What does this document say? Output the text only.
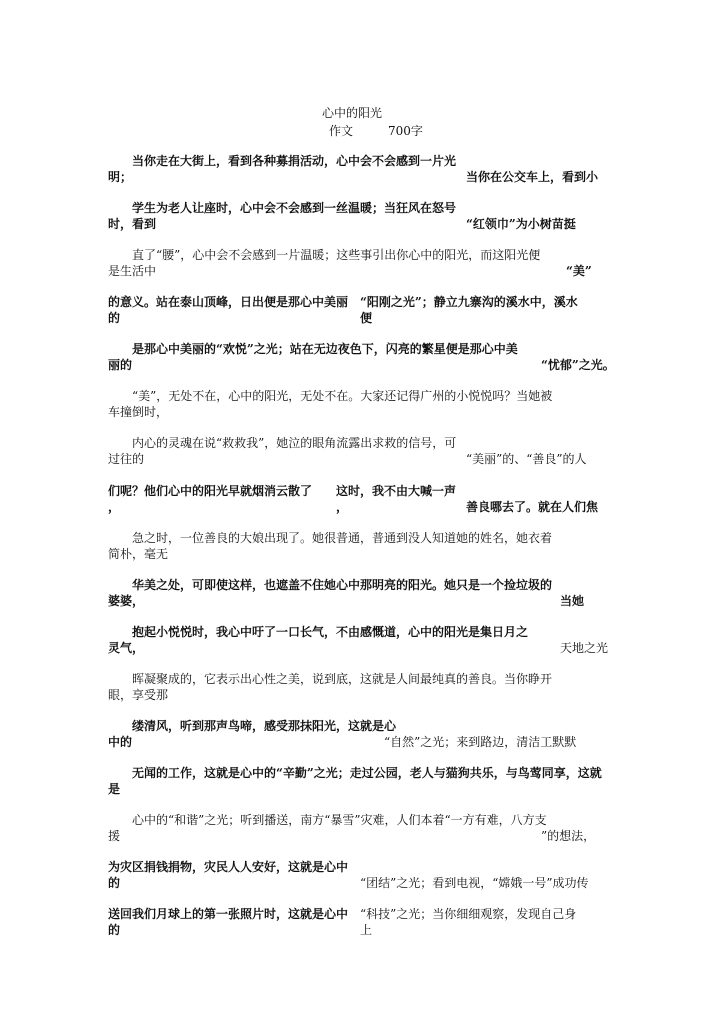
心中的阳光
作文	700字
当你走在大街上，看到各种募捐活动，心中会不会感到一片光
明；	当你在公交车上，看到小
学生为老人让座时，心中会不会感到一丝温暖；当狂风在怒号
时，看到	“红领巾”为小树苗挺
直了“腰”，心中会不会感到一片温暖；这些事引出你心中的阳光，而这阳光便
是生活中	“美”
的意义。站在泰山顶峰，日出便是那心中美丽 “阳刚之光”；静立九寨沟的溪水中，溪水
的	便
是那心中美丽的“欢悦”之光；站在无边夜色下，闪亮的繁星便是那心中美
丽的	“忧郁”之光。
“美”，无处不在，心中的阳光，无处不在。大家还记得广州的小悦悦吗？当她被
车撞倒时，
内心的灵魂在说“救救我”，她泣的眼角流露出求救的信号，可
过往的	“美丽”的、“善良”的人
们呢？他们心中的阳光早就烟消云散了 这时，我不由大喊一声
，	，	善良哪去了。就在人们焦
急之时，一位善良的大娘出现了。她很普通，普通到没人知道她的姓名，她衣着
简朴，毫无
华美之处，可即使这样，也遮盖不住她心中那明亮的阳光。她只是一个捡垃圾的
婆婆，	当她
抱起小悦悦时，我心中吁了一口长气，不由感慨道，心中的阳光是集日月之
灵气，	天地之光
晖凝聚成的，它表示出心性之美，说到底，这就是人间最纯真的善良。当你睁开
眼，享受那
缕清风，听到那声鸟啼，感受那抹阳光，这就是心
中的	“自然”之光；来到路边，清洁工默默
无闻的工作，这就是心中的“辛勤”之光；走过公园，老人与猫狗共乐，与鸟莺同享，这就
是
心中的“和谐”之光；听到播送，南方“暴雪”灾难，人们本着“一方有难，八方支
援	”的想法，
为灾区捐钱捐物，灾民人人安好，这就是心中
的	“团结”之光；看到电视，“嫦娥一号”成功传
送回我们月球上的第一张照片时，这就是心中
的
“科技”之光；当你细细观察，发现自己身
上
